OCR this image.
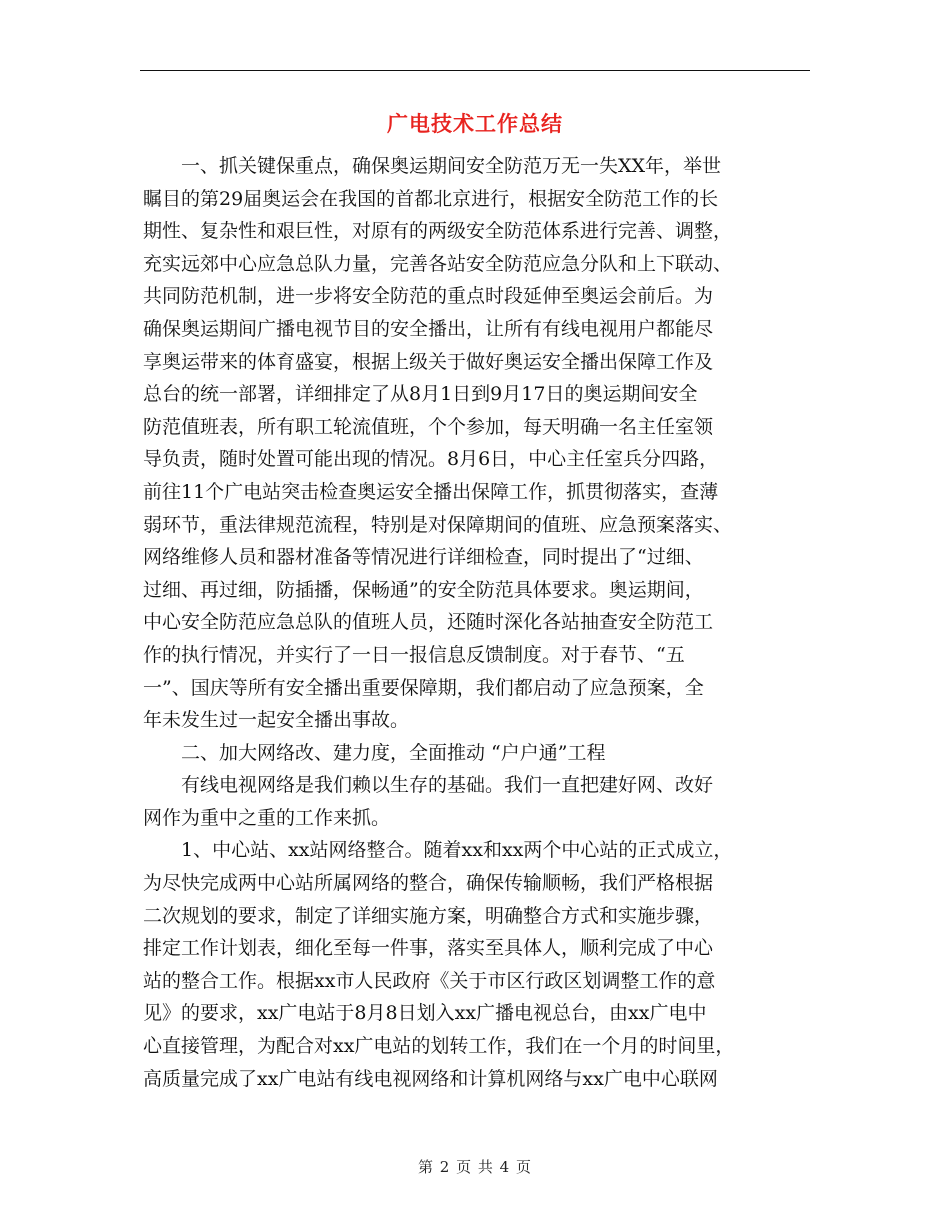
广电技术工作总结
　　一、抓关键保重点，确保奥运期间安全防范万无一失XX年，举世
瞩目的第29届奥运会在我国的首都北京进行，根据安全防范工作的长
期性、复杂性和艰巨性，对原有的两级安全防范体系进行完善、调整，
充实远郊中心应急总队力量，完善各站安全防范应急分队和上下联动、
共同防范机制，进一步将安全防范的重点时段延伸至奥运会前后。为
确保奥运期间广播电视节目的安全播出，让所有有线电视用户都能尽
享奥运带来的体育盛宴，根据上级关于做好奥运安全播出保障工作及
总台的统一部署，详细排定了从8月1日到9月17日的奥运期间安全
防范值班表，所有职工轮流值班，个个参加，每天明确一名主任室领
导负责，随时处置可能出现的情况。8月6日，中心主任室兵分四路，
前往11个广电站突击检查奥运安全播出保障工作，抓贯彻落实，查薄
弱环节，重法律规范流程，特别是对保障期间的值班、应急预案落实、
网络维修人员和器材准备等情况进行详细检查，同时提出了“过细、
过细、再过细，防插播，保畅通”的安全防范具体要求。奥运期间，
中心安全防范应急总队的值班人员，还随时深化各站抽查安全防范工
作的执行情况，并实行了一日一报信息反馈制度。对于春节、“五
一”、国庆等所有安全播出重要保障期，我们都启动了应急预案，全
年未发生过一起安全播出事故。
　　二、加大网络改、建力度，全面推动 “户户通”工程
　　有线电视网络是我们赖以生存的基础。我们一直把建好网、改好
网作为重中之重的工作来抓。
　　1、中心站、xx站网络整合。随着xx和xx两个中心站的正式成立，
为尽快完成两中心站所属网络的整合，确保传输顺畅，我们严格根据
二次规划的要求，制定了详细实施方案，明确整合方式和实施步骤，
排定工作计划表，细化至每一件事，落实至具体人，顺利完成了中心
站的整合工作。根据xx市人民政府《关于市区行政区划调整工作的意
见》的要求，xx广电站于8月8日划入xx广播电视总台，由xx广电中
心直接管理，为配合对xx广电站的划转工作，我们在一个月的时间里，
高质量完成了xx广电站有线电视网络和计算机网络与xx广电中心联网
第 2 页 共 4 页
